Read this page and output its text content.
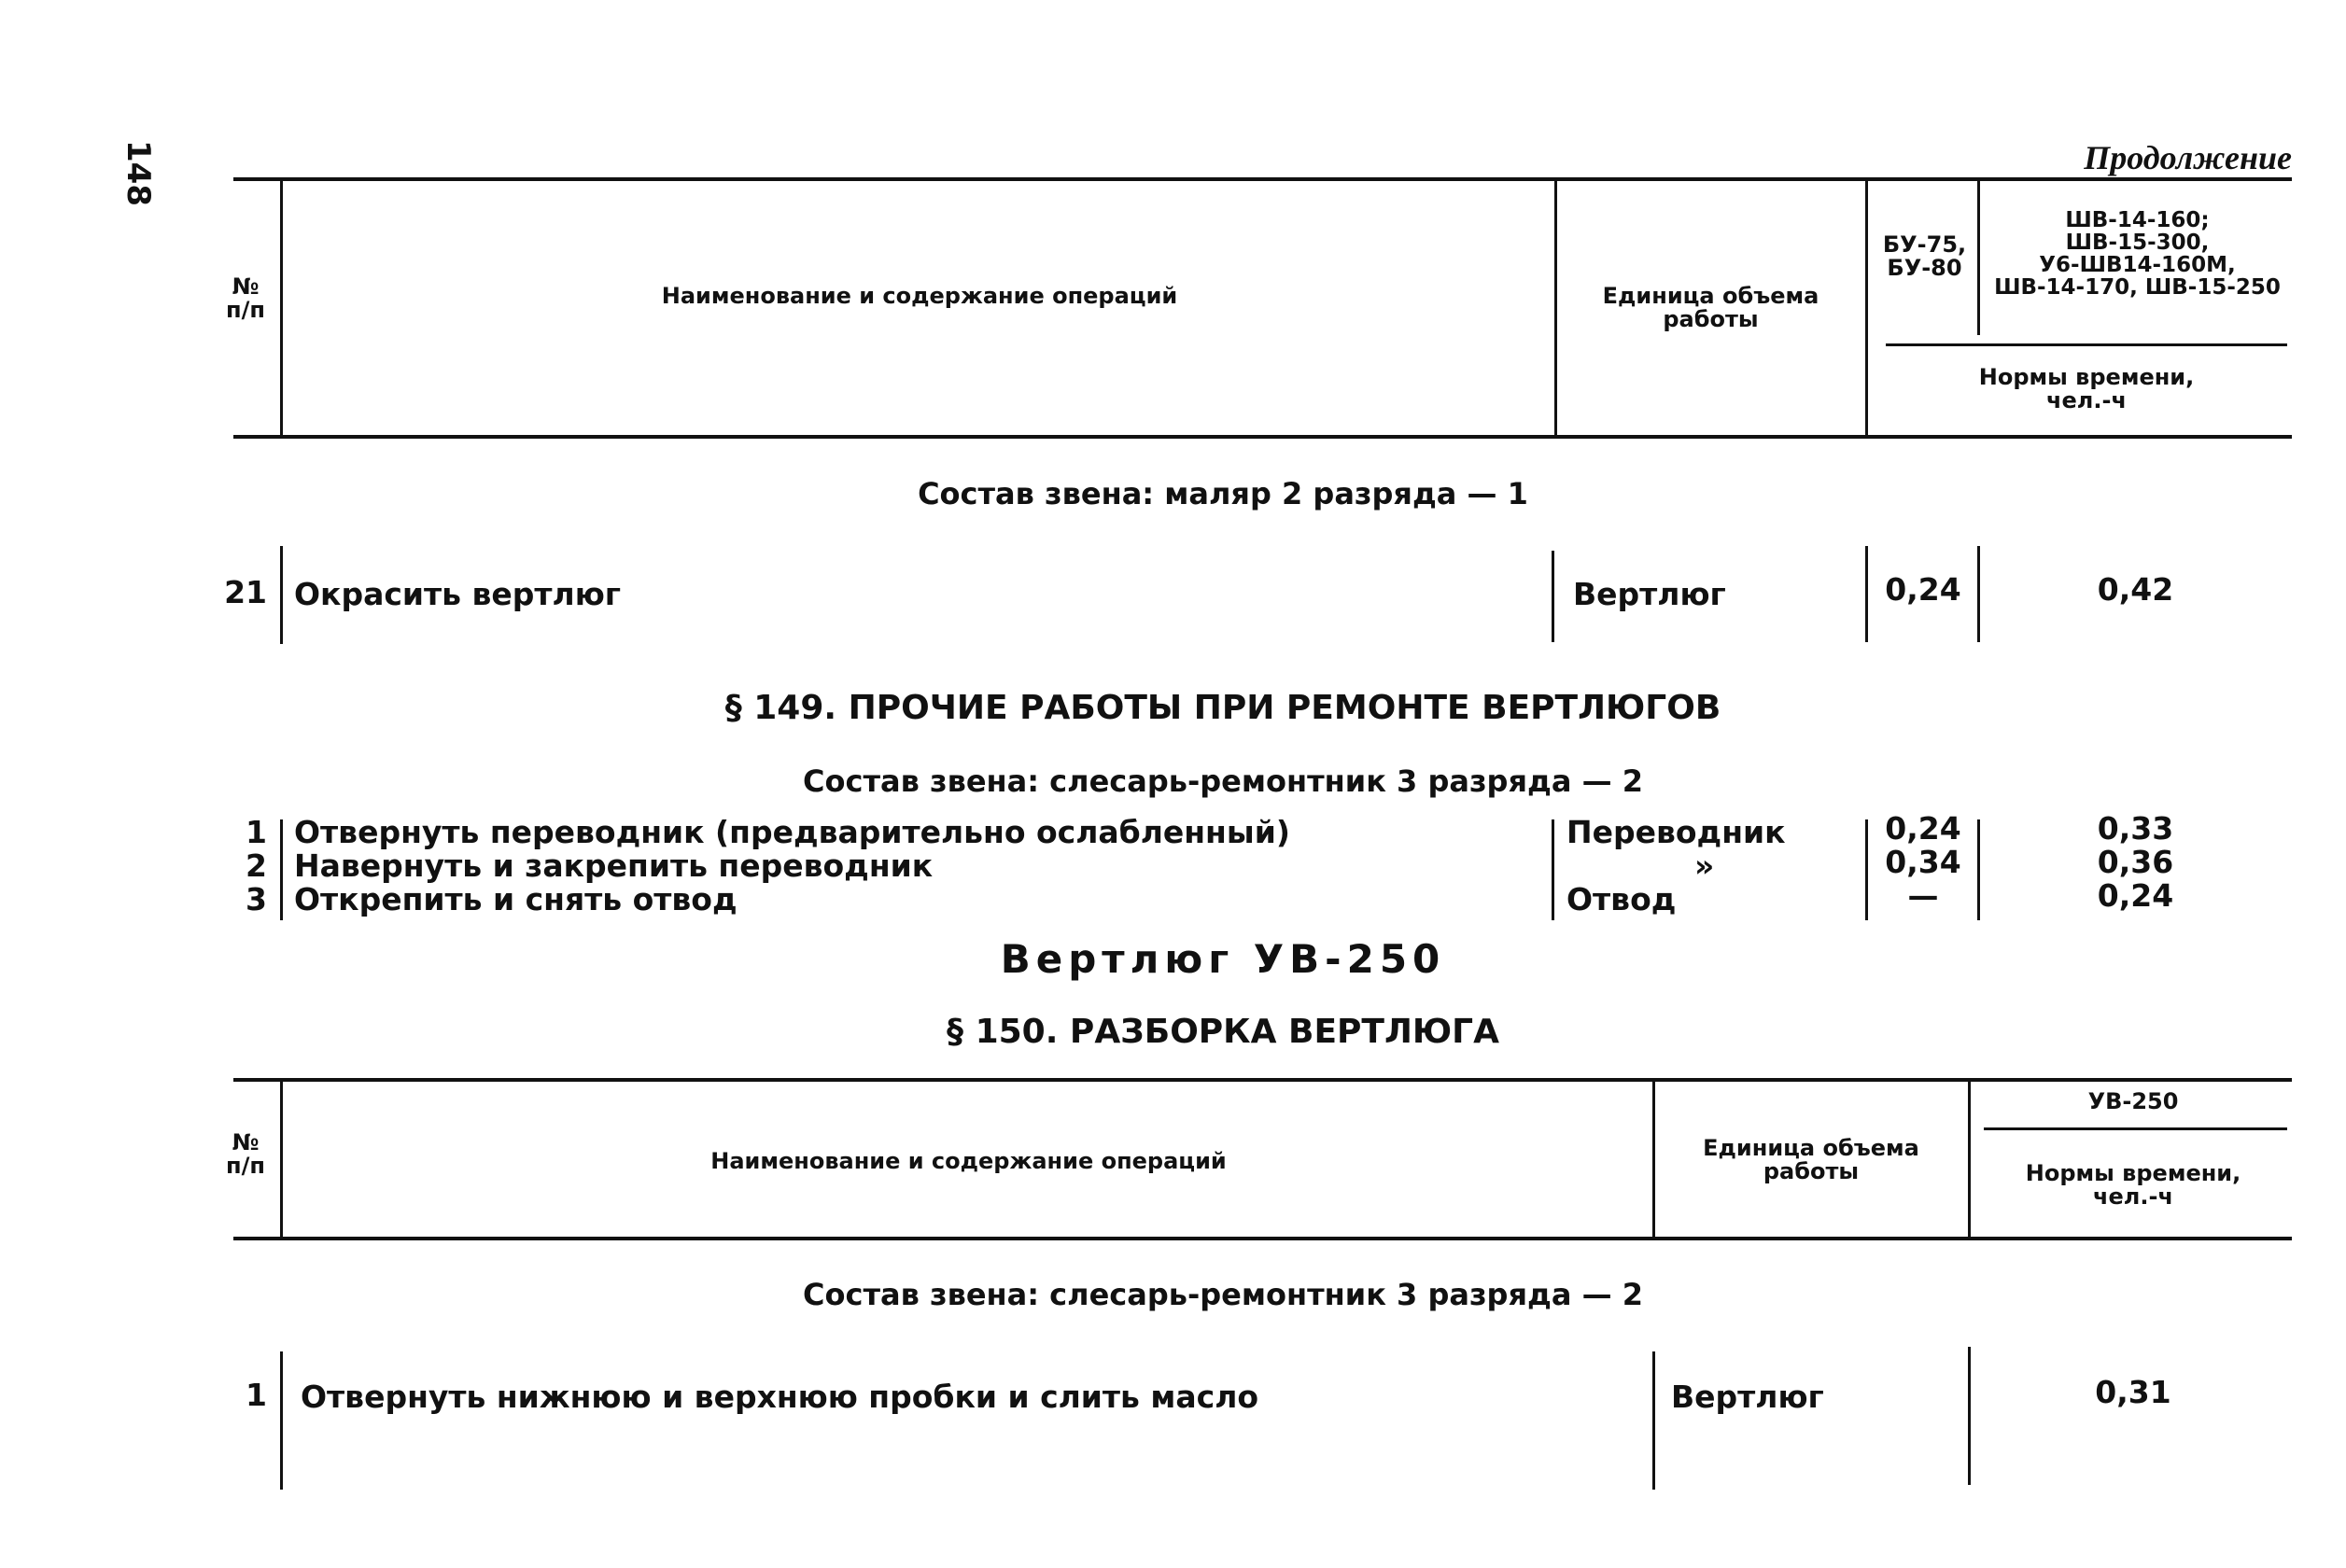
148	Продолжение
№
п/п
Наименование и содержание операций	Единица объема
работы
БУ-75,
БУ-80
ШВ-14-160;
ШВ-15-300,
У6-ШВ14-160М,
ШВ-14-170, ШВ-15-250
Нормы времени,
чел.-ч
Состав звена: маляр 2 разряда — 1
21 Окрасить вертлюг	Вертлюг	0,24	0,42
§ 149. ПРОЧИЕ РАБОТЫ ПРИ РЕМОНТЕ ВЕРТЛЮГОВ
Состав звена: слесарь-ремонтник 3 разряда — 2
1 Отвернуть переводник (предварительно ослабленный)	Переводник	0,24	0,33
2 Навернуть и закрепить переводник	»	0,34	0,36
3 Открепить и снять отвод	Отвод	—	0,24
Вертлюг УВ-250
§ 150. РАЗБОРКА ВЕРТЛЮГА
№
п/п	Наименование и содержание операций	Единица объема
работы
УВ-250
Нормы времени,
чел.-ч
Состав звена: слесарь-ремонтник 3 разряда — 2
1 Отвернуть нижнюю и верхнюю пробки и слить масло	Вертлюг	0,31
